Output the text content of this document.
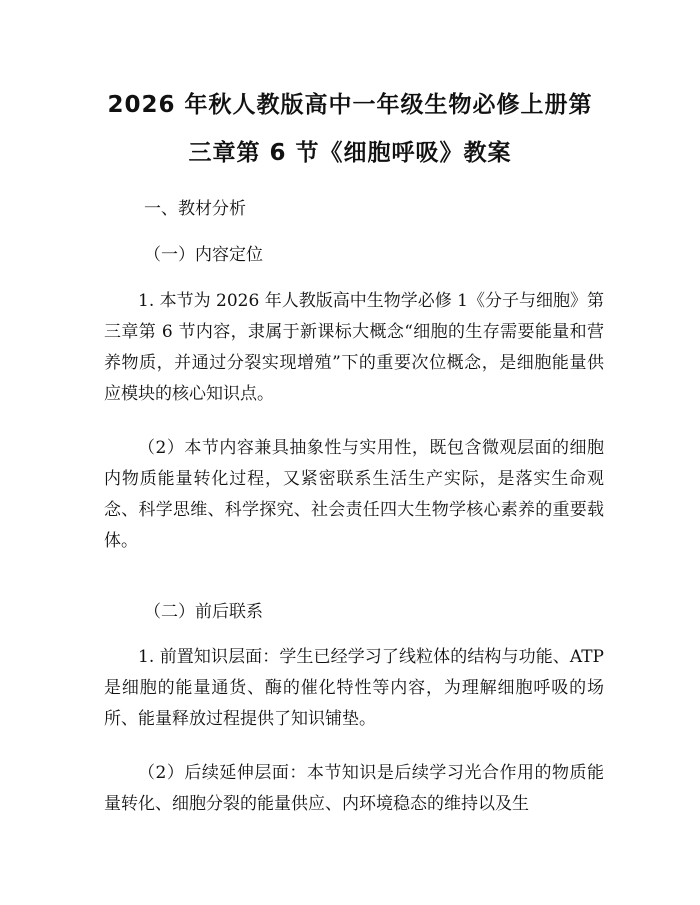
2026 年秋人教版高中一年级生物必修上册第
三章第 6 节《细胞呼吸》教案
一、教材分析
（一）内容定位
1. 本节为 2026 年人教版高中生物学必修 1《分子与细胞》第三章第 6 节内容，隶属于新课标大概念“细胞的生存需要能量和营养物质，并通过分裂实现增殖”下的重要次位概念，是细胞能量供应模块的核心知识点。
（2）本节内容兼具抽象性与实用性，既包含微观层面的细胞内物质能量转化过程，又紧密联系生活生产实际，是落实生命观念、科学思维、科学探究、社会责任四大生物学核心素养的重要载体。
（二）前后联系
1. 前置知识层面：学生已经学习了线粒体的结构与功能、ATP 是细胞的能量通货、酶的催化特性等内容，为理解细胞呼吸的场所、能量释放过程提供了知识铺垫。
（2）后续延伸层面：本节知识是后续学习光合作用的物质能量转化、细胞分裂的能量供应、内环境稳态的维持以及生
